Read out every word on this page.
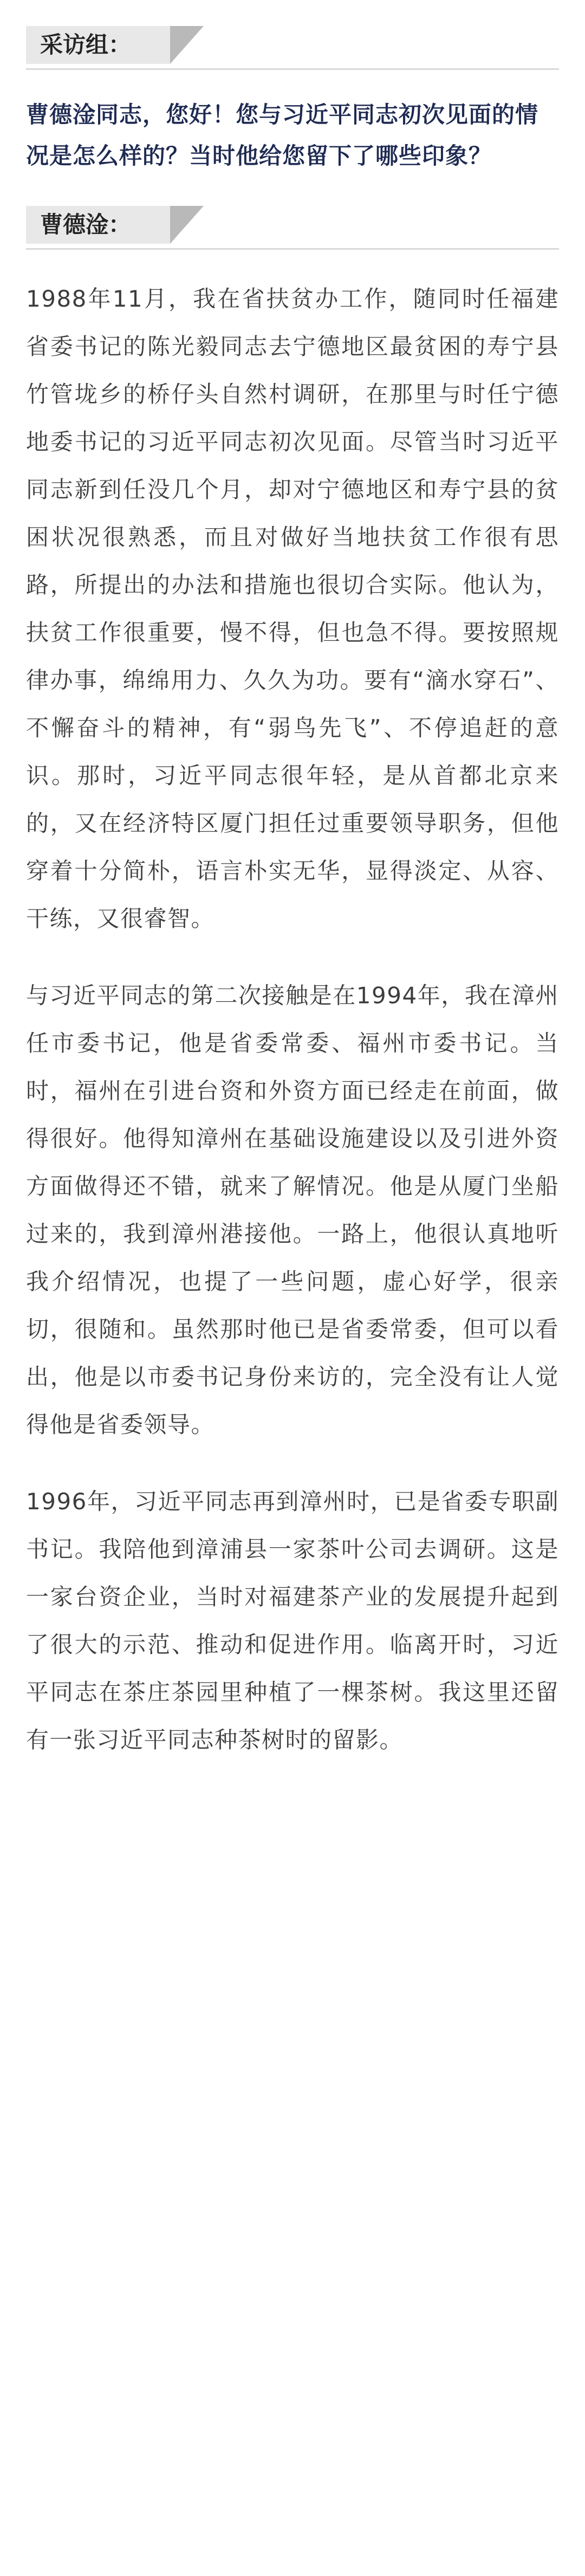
采访组：

曹德淦同志，您好！您与习近平同志初次见面的情况是怎么样的？当时他给您留下了哪些印象？

曹德淦：

1988年11月，我在省扶贫办工作，随同时任福建省委书记的陈光毅同志去宁德地区最贫困的寿宁县竹管垅乡的桥仔头自然村调研，在那里与时任宁德地委书记的习近平同志初次见面。尽管当时习近平同志新到任没几个月，却对宁德地区和寿宁县的贫困状况很熟悉，而且对做好当地扶贫工作很有思路，所提出的办法和措施也很切合实际。他认为，扶贫工作很重要，慢不得，但也急不得。要按照规律办事，绵绵用力、久久为功。要有“滴水穿石”、不懈奋斗的精神，有“弱鸟先飞”、不停追赶的意识。那时，习近平同志很年轻，是从首都北京来的，又在经济特区厦门担任过重要领导职务，但他穿着十分简朴，语言朴实无华，显得淡定、从容、干练，又很睿智。

与习近平同志的第二次接触是在1994年，我在漳州任市委书记，他是省委常委、福州市委书记。当时，福州在引进台资和外资方面已经走在前面，做得很好。他得知漳州在基础设施建设以及引进外资方面做得还不错，就来了解情况。他是从厦门坐船过来的，我到漳州港接他。一路上，他很认真地听我介绍情况，也提了一些问题，虚心好学，很亲切，很随和。虽然那时他已是省委常委，但可以看出，他是以市委书记身份来访的，完全没有让人觉得他是省委领导。

1996年，习近平同志再到漳州时，已是省委专职副书记。我陪他到漳浦县一家茶叶公司去调研。这是一家台资企业，当时对福建茶产业的发展提升起到了很大的示范、推动和促进作用。临离开时，习近平同志在茶庄茶园里种植了一棵茶树。我这里还留有一张习近平同志种茶树时的留影。
